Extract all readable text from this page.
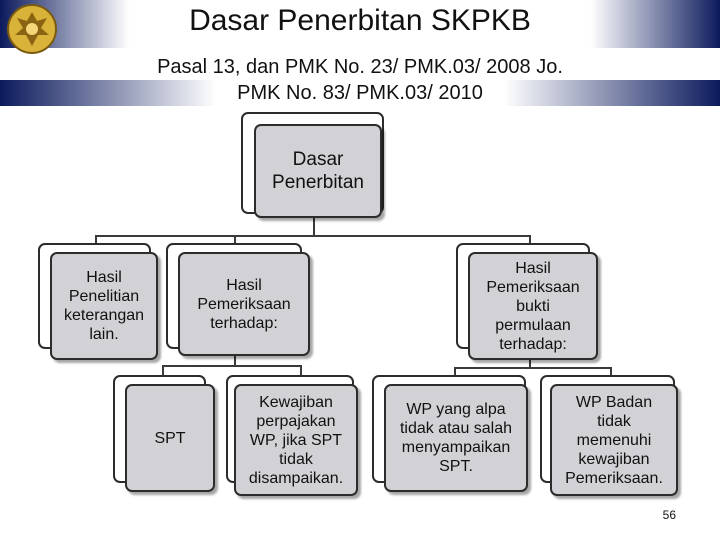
Dasar Penerbitan SKPKB
Pasal 13, dan PMK No. 23/ PMK.03/ 2008 Jo.
PMK No. 83/ PMK.03/ 2010
Dasar Penerbitan
Hasil Penelitian keterangan lain.
Hasil Pemeriksaan terhadap:
Hasil Pemeriksaan bukti permulaan terhadap:
SPT
Kewajiban perpajakan WP, jika SPT tidak disampaikan.
WP yang alpa tidak atau salah menyampaikan SPT.
WP Badan tidak memenuhi kewajiban Pemeriksaan.
56
